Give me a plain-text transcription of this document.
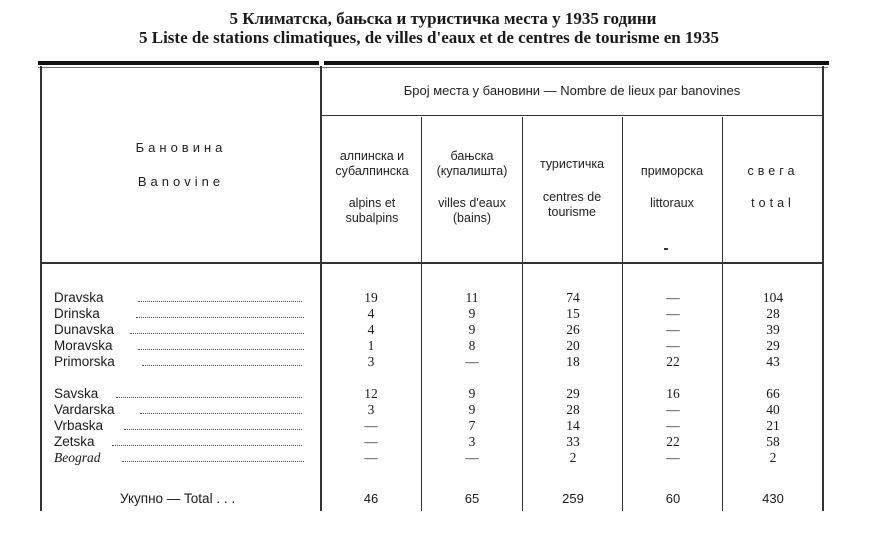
5 Климатска, бањска и туристичка места у 1935 години
5 Liste de stations climatiques, de villes d'eaux et de centres de tourisme en 1935
Бановина
Banovine
Број места у бановини — Nombre de lieux par banovines
алпинска и субалпинска
alpins et subalpins
бањска (купалишта)
villes d'eaux (bains)
туристичка
centres de tourisme
приморска
littoraux
свега
total
Dravska	19	11	74	—	104
Drinska	4	9	15	—	28
Dunavska	4	9	26	—	39
Moravska	1	8	20	—	29
Primorska	3	—	18	22	43
Savska	12	9	29	16	66
Vardarska	3	9	28	—	40
Vrbaska	—	7	14	—	21
Zetska	—	3	33	22	58
Beograd	—	—	2	—	2
Укупно — Total . . .	46	65	259	60	430
